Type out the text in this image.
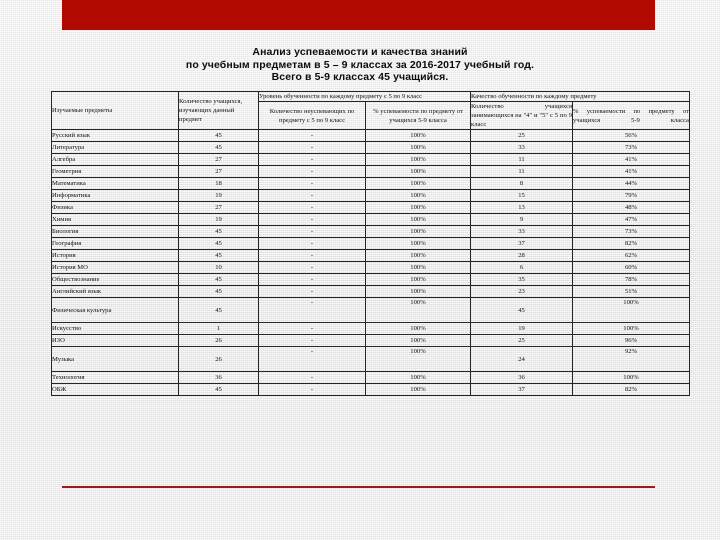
Анализ успеваемости и качества знаний
по учебным предметам в 5 – 9 классах за 2016-2017 учебный год.
Всего в 5-9 классах 45 учащийся.
Изучаемые предметы	Количество учащихся, изучающих данный предмет	Уровень обученности по каждому предмету с 5 по 9 класс		Качество обученности по каждому предмету	
		Количество неуспевающих по предмету с 5 по 9 класс	% успеваемости по предмету от учащихся 5-9 класса	Количество учащихся занимающихся на "4" и "5" с 5 по 9 класс	% успеваемости по предмету от учащихся 5-9 класса
Русский язык	45	-	100%	25	56%
Литература	45	-	100%	33	73%
Алгебра	27	-	100%	11	41%
Геометрия	27	-	100%	11	41%
Математика	18	-	100%	8	44%
Информатика	19	-	100%	15	79%
Физика	27	-	100%	13	48%
Химия	19	-	100%	9	47%
Биология	45	-	100%	33	73%
География	45	-	100%	37	82%
История	45	-	100%	28	62%
История МО	10	-	100%	6	60%
Обществознание	45	-	100%	35	78%
Английский язык	45	-	100%	23	51%
Физическая культура	45	-	100%	45	100%
Искусство	1	-	100%	19	100%
ИЗО	26	-	100%	25	96%
Музыка	26	-	100%	24	92%
Технология	36	-	100%	36	100%
ОБЖ	45	-	100%	37	82%
